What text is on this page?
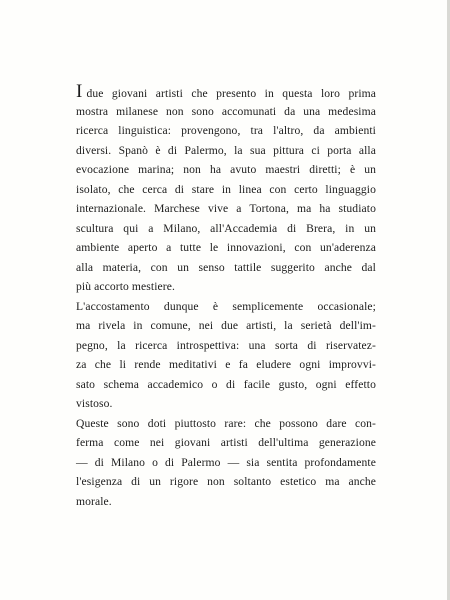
Idue giovani artisti che presento in questa loro prima
mostra milanese non sono accomunati da una medesima
ricerca linguistica: provengono, tra l'altro, da ambienti
diversi. Spanò è di Palermo, la sua pittura ci porta alla
evocazione marina; non ha avuto maestri diretti; è un
isolato, che cerca di stare in linea con certo linguaggio
internazionale. Marchese vive a Tortona, ma ha studiato
scultura qui a Milano, all'Accademia di Brera, in un
ambiente aperto a tutte le innovazioni, con un'aderenza
alla materia, con un senso tattile suggerito anche dal
più accorto mestiere.
L'accostamento dunque è semplicemente occasionale;
ma rivela in comune, nei due artisti, la serietà dell'im-
pegno, la ricerca introspettiva: una sorta di riservatez-
za che li rende meditativi e fa eludere ogni improvvi-
sato schema accademico o di facile gusto, ogni effetto
vistoso.
Queste sono doti piuttosto rare: che possono dare con-
ferma come nei giovani artisti dell'ultima generazione
— di Milano o di Palermo — sia sentita profondamente
l'esigenza di un rigore non soltanto estetico ma anche
morale.
